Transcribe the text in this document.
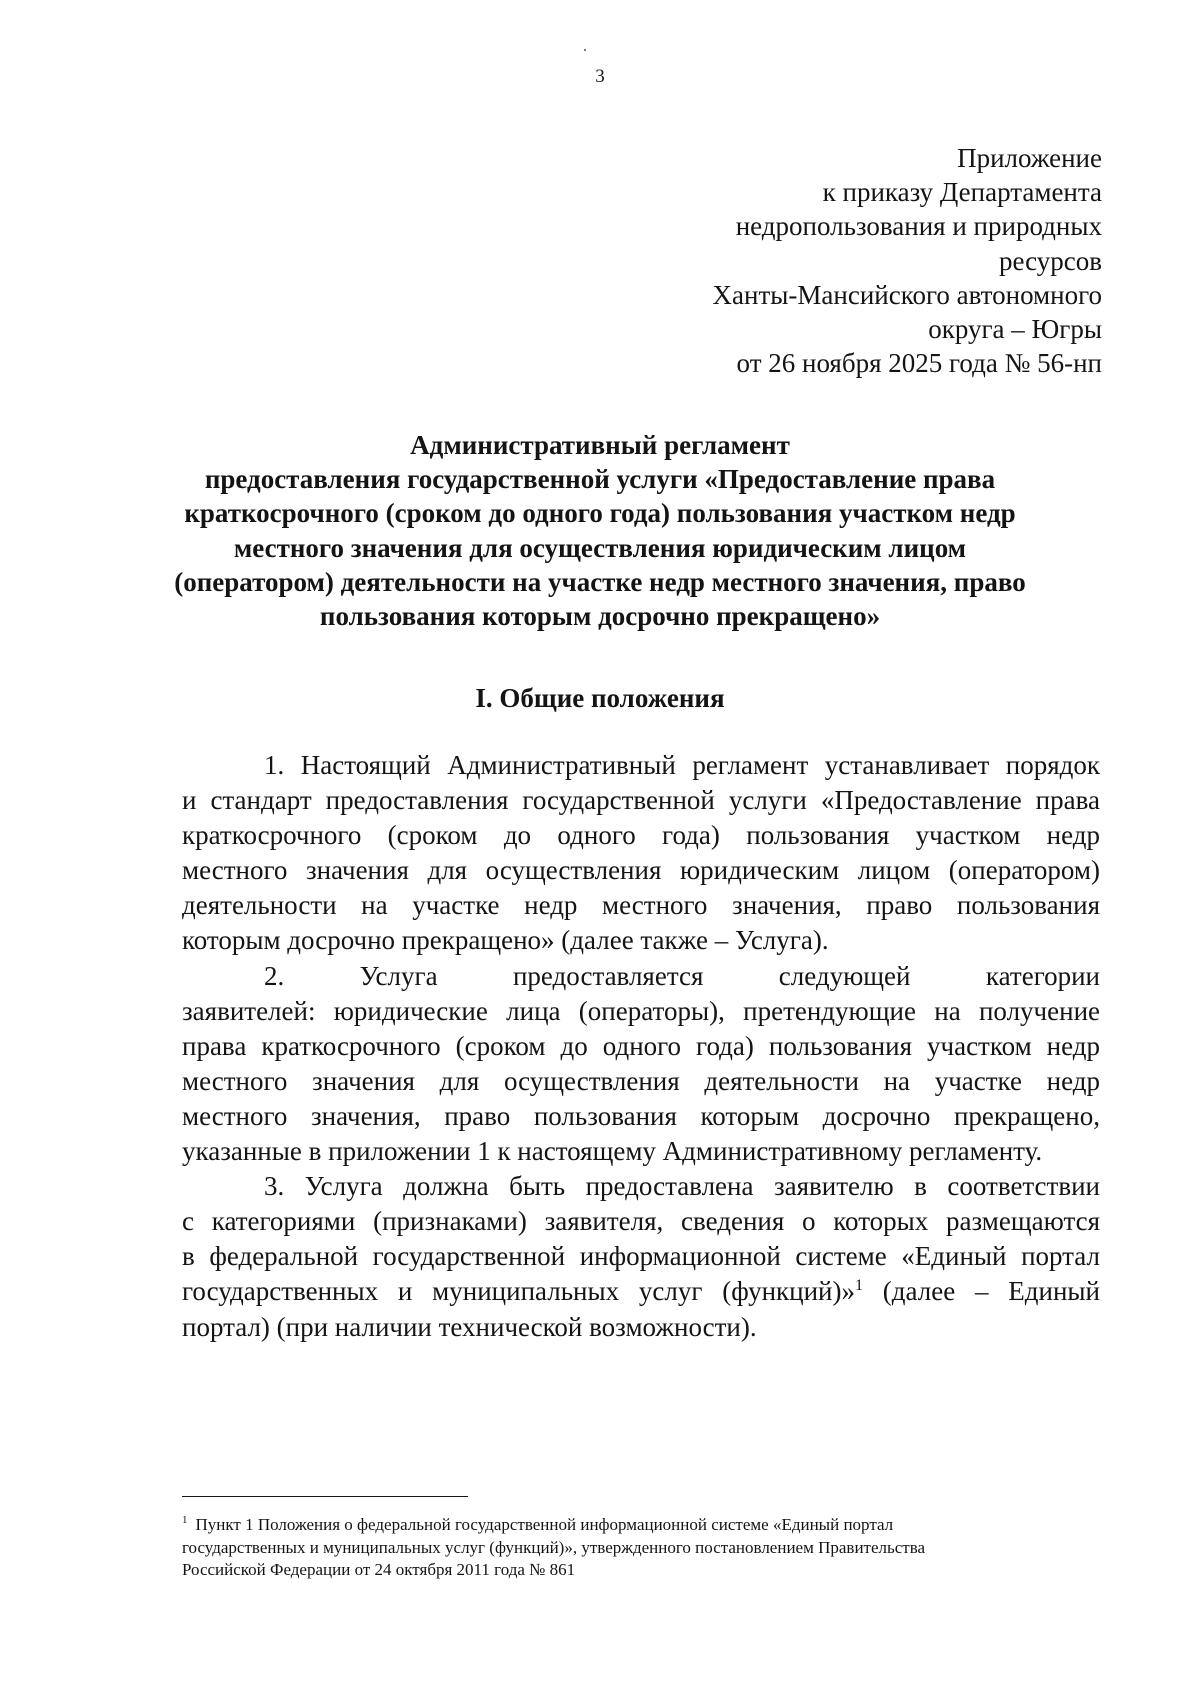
3
Приложение
к приказу Департамента
недропользования и природных
ресурсов
Ханты-Мансийского автономного
округа – Югры
от 26 ноября 2025 года № 56-нп
Административный регламент
предоставления государственной услуги «Предоставление права
краткосрочного (сроком до одного года) пользования участком недр
местного значения для осуществления юридическим лицом
(оператором) деятельности на участке недр местного значения, право
пользования которым досрочно прекращено»
I. Общие положения
1. Настоящий Административный регламент устанавливает порядок
и стандарт предоставления государственной услуги «Предоставление права
краткосрочного (сроком до одного года) пользования участком недр
местного значения для осуществления юридическим лицом (оператором)
деятельности на участке недр местного значения, право пользования
которым досрочно прекращено» (далее также – Услуга).
2. Услуга предоставляется следующей категории
заявителей: юридические лица (операторы), претендующие на получение
права краткосрочного (сроком до одного года) пользования участком недр
местного значения для осуществления деятельности на участке недр
местного значения, право пользования которым досрочно прекращено,
указанные в приложении 1 к настоящему Административному регламенту.
3. Услуга должна быть предоставлена заявителю в соответствии
с категориями (признаками) заявителя, сведения о которых размещаются
в федеральной государственной информационной системе «Единый портал
государственных и муниципальных услуг (функций)»$^1$ (далее – Единый
портал) (при наличии технической возможности).
$^1$ Пункт 1 Положения о федеральной государственной информационной системе «Единый портал
государственных и муниципальных услуг (функций)», утвержденного постановлением Правительства
Российской Федерации от 24 октября 2011 года № 861
